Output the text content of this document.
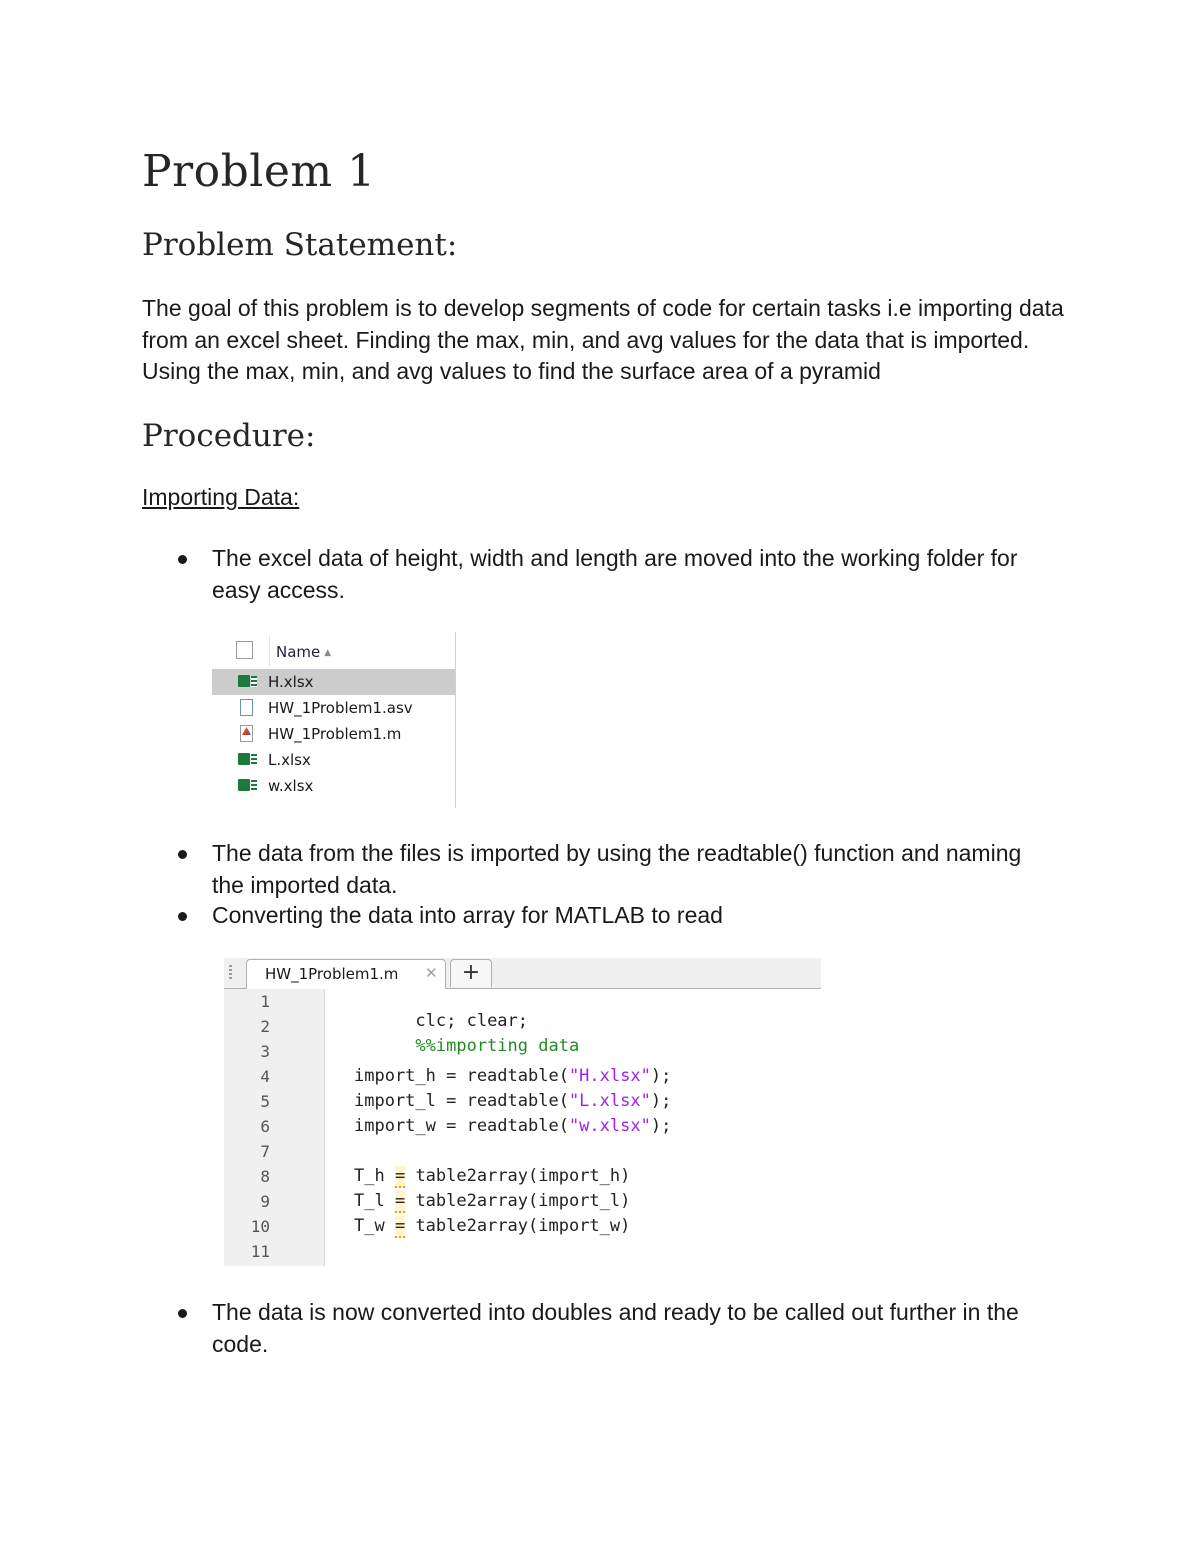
Problem 1
Problem Statement:

The goal of this problem is to develop segments of code for certain tasks i.e importing data from an excel sheet. Finding the max, min, and avg values for the data that is imported. Using the max, min, and avg values to find the surface area of a pyramid

Procedure:
Importing Data:
The excel data of height, width and length are moved into the working folder for easy access.
Name ▲
H.xlsx
HW_1Problem1.asv
HW_1Problem1.m
L.xlsx
w.xlsx
The data from the files is imported by using the readtable() function and naming the imported data.
Converting the data into array for MATLAB to read
HW_1Problem1.m ✕	+
1
2
3
4
5
6
7
8
9
10
11

clc; clear;

%%importing data

import_h = readtable("H.xlsx");
import_l = readtable("L.xlsx");
import_w = readtable("w.xlsx");
T_h = table2array(import_h)
T_l = table2array(import_l)
T_w = table2array(import_w)
The data is now converted into doubles and ready to be called out further in the code.
